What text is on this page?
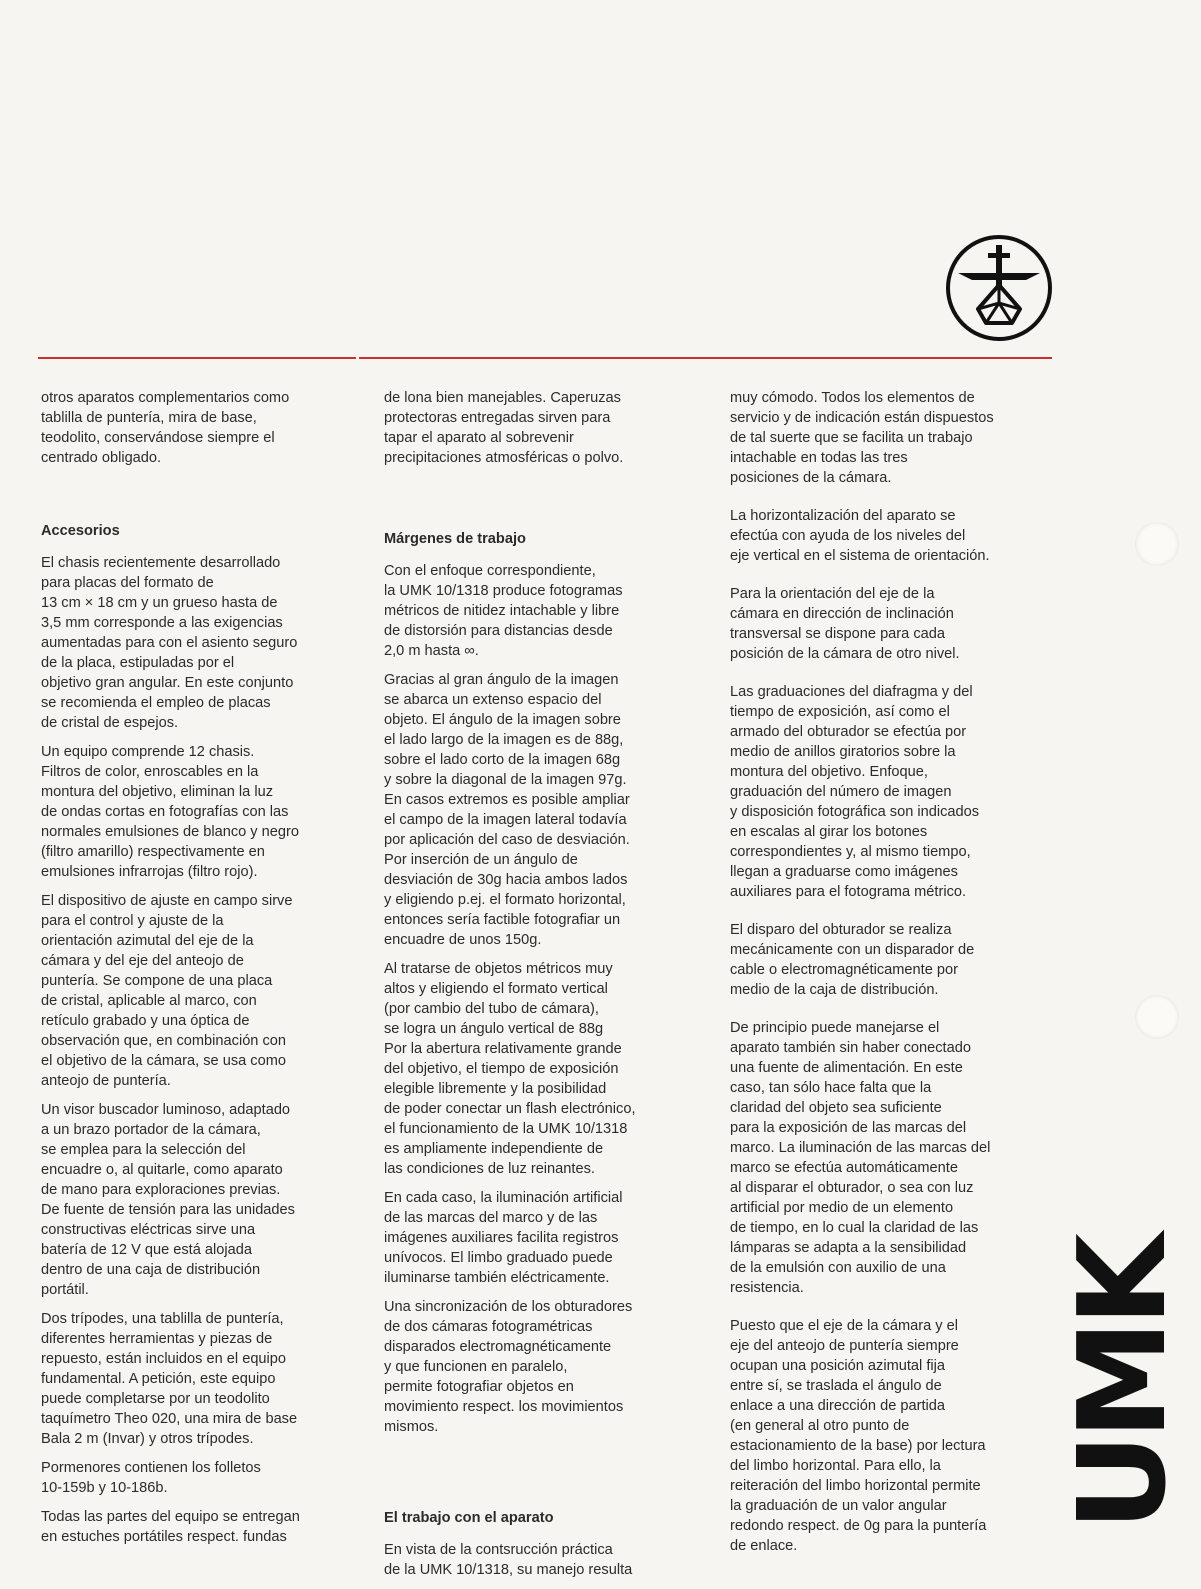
otros aparatos complementarios como
tablilla de puntería, mira de base,
teodolito, conservándose siempre el
centrado obligado.

Accesorios

El chasis recientemente desarrollado
para placas del formato de
13 cm × 18 cm y un grueso hasta de
3,5 mm corresponde a las exigencias
aumentadas para con el asiento seguro
de la placa, estipuladas por el
objetivo gran angular. En este conjunto
se recomienda el empleo de placas
de cristal de espejos.

Un equipo comprende 12 chasis.
Filtros de color, enroscables en la
montura del objetivo, eliminan la luz
de ondas cortas en fotografías con las
normales emulsiones de blanco y negro
(filtro amarillo) respectivamente en
emulsiones infrarrojas (filtro rojo).

El dispositivo de ajuste en campo sirve
para el control y ajuste de la
orientación azimutal del eje de la
cámara y del eje del anteojo de
puntería. Se compone de una placa
de cristal, aplicable al marco, con
retículo grabado y una óptica de
observación que, en combinación con
el objetivo de la cámara, se usa como
anteojo de puntería.

Un visor buscador luminoso, adaptado
a un brazo portador de la cámara,
se emplea para la selección del
encuadre o, al quitarle, como aparato
de mano para exploraciones previas.
De fuente de tensión para las unidades
constructivas eléctricas sirve una
batería de 12 V que está alojada
dentro de una caja de distribución
portátil.

Dos trípodes, una tablilla de puntería,
diferentes herramientas y piezas de
repuesto, están incluidos en el equipo
fundamental. A petición, este equipo
puede completarse por un teodolito
taquímetro Theo 020, una mira de base
Bala 2 m (Invar) y otros trípodes.

Pormenores contienen los folletos
10-159b y 10-186b.

Todas las partes del equipo se entregan
en estuches portátiles respect. fundas

de lona bien manejables. Caperuzas
protectoras entregadas sirven para
tapar el aparato al sobrevenir
precipitaciones atmosféricas o polvo.

Márgenes de trabajo

Con el enfoque correspondiente,
la UMK 10/1318 produce fotogramas
métricos de nitidez intachable y libre
de distorsión para distancias desde
2,0 m hasta ∞.

Gracias al gran ángulo de la imagen
se abarca un extenso espacio del
objeto. El ángulo de la imagen sobre
el lado largo de la imagen es de 88g,
sobre el lado corto de la imagen 68g
y sobre la diagonal de la imagen 97g.
En casos extremos es posible ampliar
el campo de la imagen lateral todavía
por aplicación del caso de desviación.
Por inserción de un ángulo de
desviación de 30g hacia ambos lados
y eligiendo p.ej. el formato horizontal,
entonces sería factible fotografiar un
encuadre de unos 150g.

Al tratarse de objetos métricos muy
altos y eligiendo el formato vertical
(por cambio del tubo de cámara),
se logra un ángulo vertical de 88g
Por la abertura relativamente grande
del objetivo, el tiempo de exposición
elegible libremente y la posibilidad
de poder conectar un flash electrónico,
el funcionamiento de la UMK 10/1318
es ampliamente independiente de
las condiciones de luz reinantes.

En cada caso, la iluminación artificial
de las marcas del marco y de las
imágenes auxiliares facilita registros
unívocos. El limbo graduado puede
iluminarse también eléctricamente.

Una sincronización de los obturadores
de dos cámaras fotogramétricas
disparados electromagnéticamente
y que funcionen en paralelo,
permite fotografiar objetos en
movimiento respect. los movimientos
mismos.

El trabajo con el aparato

En vista de la contsrucción práctica
de la UMK 10/1318, su manejo resulta

muy cómodo. Todos los elementos de
servicio y de indicación están dispuestos
de tal suerte que se facilita un trabajo
intachable en todas las tres
posiciones de la cámara.

La horizontalización del aparato se
efectúa con ayuda de los niveles del
eje vertical en el sistema de orientación.

Para la orientación del eje de la
cámara en dirección de inclinación
transversal se dispone para cada
posición de la cámara de otro nivel.

Las graduaciones del diafragma y del
tiempo de exposición, así como el
armado del obturador se efectúa por
medio de anillos giratorios sobre la
montura del objetivo. Enfoque,
graduación del número de imagen
y disposición fotográfica son indicados
en escalas al girar los botones
correspondientes y, al mismo tiempo,
llegan a graduarse como imágenes
auxiliares para el fotograma métrico.

El disparo del obturador se realiza
mecánicamente con un disparador de
cable o electromagnéticamente por
medio de la caja de distribución.

De principio puede manejarse el
aparato también sin haber conectado
una fuente de alimentación. En este
caso, tan sólo hace falta que la
claridad del objeto sea suficiente
para la exposición de las marcas del
marco. La iluminación de las marcas del
marco se efectúa automáticamente
al disparar el obturador, o sea con luz
artificial por medio de un elemento
de tiempo, en lo cual la claridad de las
lámparas se adapta a la sensibilidad
de la emulsión con auxilio de una
resistencia.

Puesto que el eje de la cámara y el
eje del anteojo de puntería siempre
ocupan una posición azimutal fija
entre sí, se traslada el ángulo de
enlace a una dirección de partida
(en general al otro punto de
estacionamiento de la base) por lectura
del limbo horizontal. Para ello, la
reiteración del limbo horizontal permite
la graduación de un valor angular
redondo respect. de 0g para la puntería
de enlace.

UMK
